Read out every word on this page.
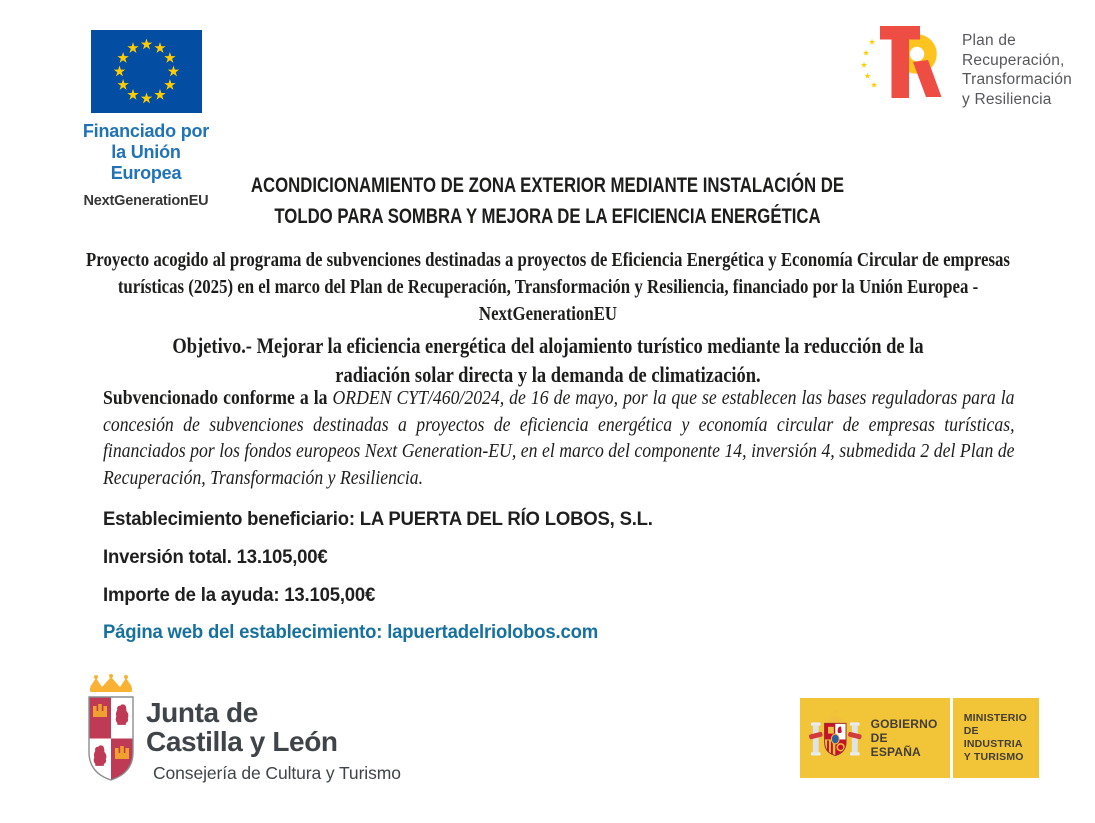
Financiado por
la Unión Europea
NextGenerationEU
Plan de
Recuperación,
Transformación
y Resiliencia
ACONDICIONAMIENTO DE ZONA EXTERIOR MEDIANTE INSTALACIÓN DE
TOLDO PARA SOMBRA Y MEJORA DE LA EFICIENCIA ENERGÉTICA

Proyecto acogido al programa de subvenciones destinadas a proyectos de Eficiencia Energética y Economía Circular de empresas turísticas (2025) en el marco del Plan de Recuperación, Transformación y Resiliencia, financiado por la Unión Europea - NextGenerationEU

Objetivo.- Mejorar la eficiencia energética del alojamiento turístico mediante la reducción de la radiación solar directa y la demanda de climatización.

Subvencionado conforme a la ORDEN CYT/460/2024, de 16 de mayo, por la que se establecen las bases reguladoras para la concesión de subvenciones destinadas a proyectos de eficiencia energética y economía circular de empresas turísticas, financiados por los fondos europeos Next Generation-EU, en el marco del componente 14, inversión 4, submedida 2 del Plan de Recuperación, Transformación y Resiliencia.

Establecimiento beneficiario: LA PUERTA DEL RÍO LOBOS, S.L.
Inversión total. 13.105,00€
Importe de la ayuda: 13.105,00€
Página web del establecimiento: lapuertadelriolobos.com
Junta de
Castilla y León
Consejería de Cultura y Turismo
GOBIERNO
DE ESPAÑA
MINISTERIO
DE INDUSTRIA
Y TURISMO
